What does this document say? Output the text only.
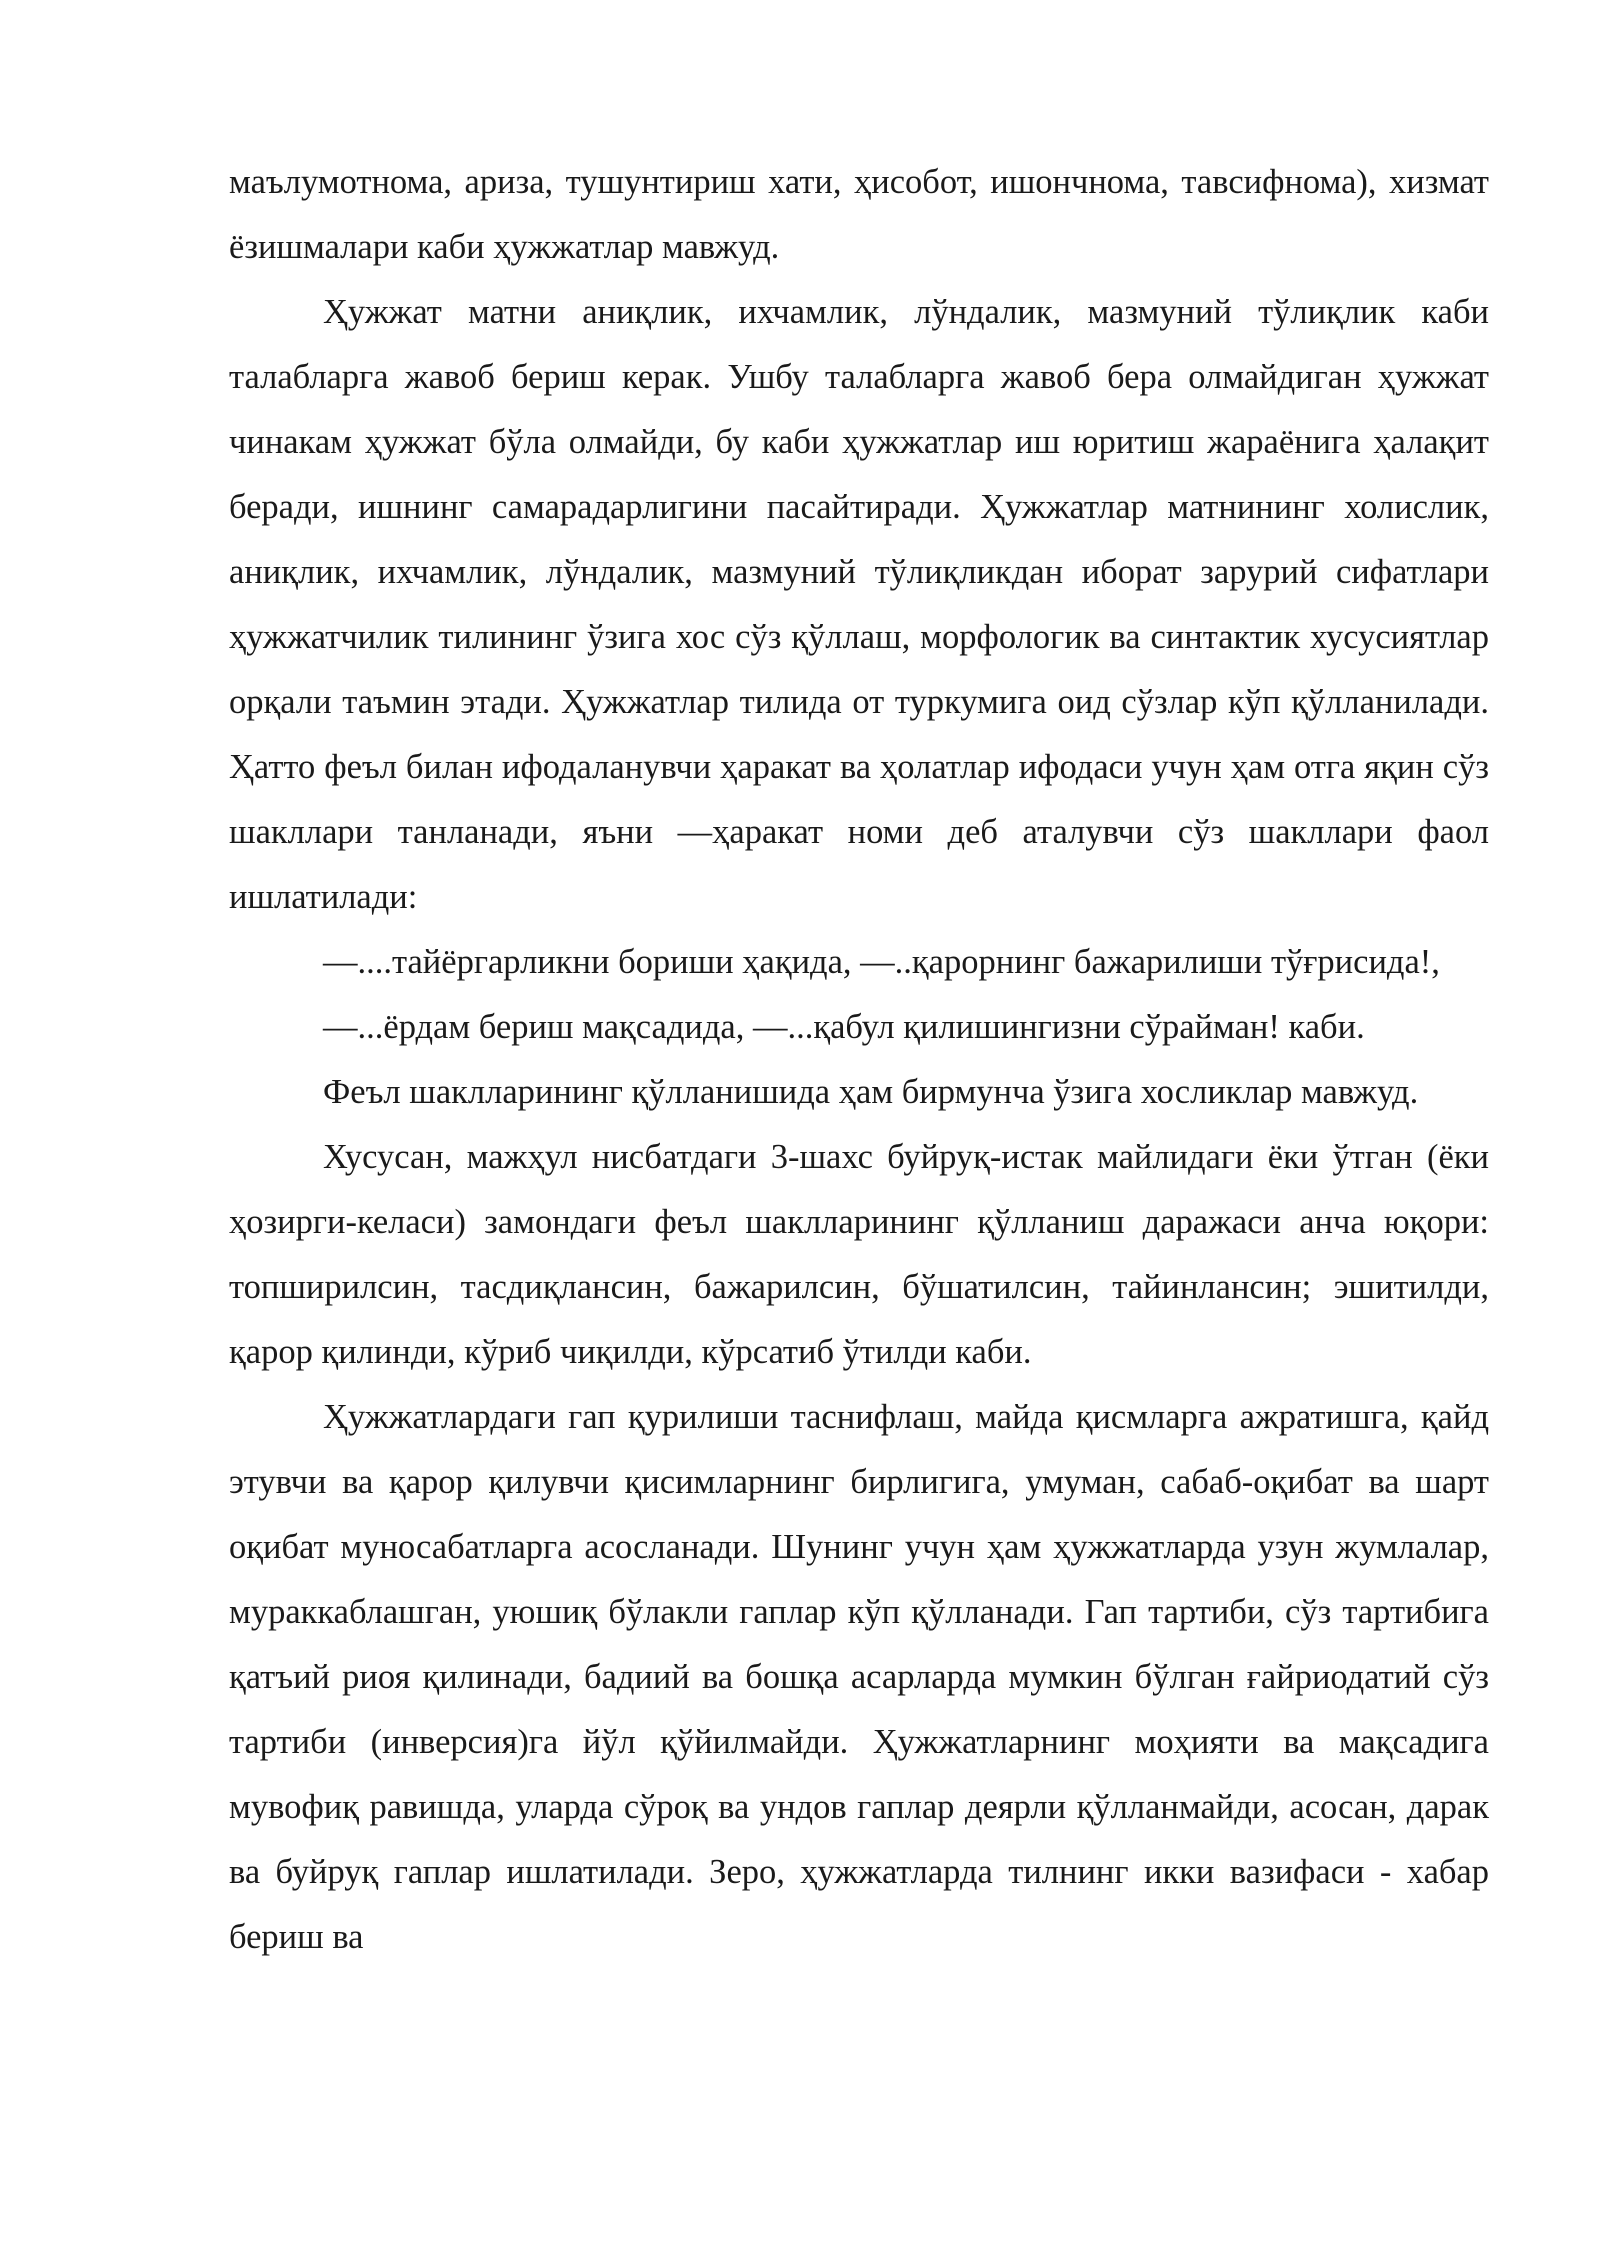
маълумотнома, ариза, тушунтириш хати, ҳисобот, ишончнома, тавсифнома), хизмат ёзишмалари каби ҳужжатлар мавжуд.

Ҳужжат матни аниқлик, ихчамлик, лўндалик, мазмуний тўлиқлик каби талабларга жавоб бериш керак. Ушбу талабларга жавоб бера олмайдиган ҳужжат чинакам ҳужжат бўла олмайди, бу каби ҳужжатлар иш юритиш жараёнига ҳалақит беради, ишнинг самарадарлигини пасайтиради. Ҳужжатлар матнининг холислик, аниқлик, ихчамлик, лўндалик, мазмуний тўлиқликдан иборат зарурий сифатлари ҳужжатчилик тилининг ўзига хос сўз қўллаш, морфологик ва синтактик хусусиятлар орқали таъмин этади. Ҳужжатлар тилида от туркумига оид сўзлар кўп қўлланилади. Ҳатто феъл билан ифодаланувчи ҳаракат ва ҳолатлар ифодаси учун ҳам отга яқин сўз шакллари танланади, яъни ―ҳаракат номи деб аталувчи сўз шакллари фаол ишлатилади:

―....тайёргарликни бориши ҳақида, ―..қарорнинг бажарилиши тўғрисида!,

―...ёрдам бериш мақсадида, ―...қабул қилишингизни сўрайман! каби.

Феъл шаклларининг қўлланишида ҳам бирмунча ўзига хосликлар мавжуд.

Хусусан, мажҳул нисбатдаги 3-шахс буйруқ-истак майлидаги ёки ўтган (ёки ҳозирги-келаси) замондаги феъл шаклларининг қўлланиш даражаси анча юқори: топширилсин, тасдиқлансин, бажарилсин, бўшатилсин, тайинлансин; эшитилди, қарор қилинди, кўриб чиқилди, кўрсатиб ўтилди каби.

Ҳужжатлардаги гап қурилиши таснифлаш, майда қисмларга ажратишга, қайд этувчи ва қарор қилувчи қисимларнинг бирлигига, умуман, сабаб-оқибат ва шарт оқибат муносабатларга асосланади. Шунинг учун ҳам ҳужжатларда узун жумлалар, мураккаблашган, уюшиқ бўлакли гаплар кўп қўлланади. Гап тартиби, сўз тартибига қатъий риоя қилинади, бадиий ва бошқа асарларда мумкин бўлган ғайриодатий сўз тартиби (инверсия)га йўл қўйилмайди. Ҳужжатларнинг моҳияти ва мақсадига мувофиқ равишда, уларда сўроқ ва ундов гаплар деярли қўлланмайди, асосан, дарак ва буйруқ гаплар ишлатилади. Зеро, ҳужжатларда тилнинг икки вазифаси - хабар бериш ва
